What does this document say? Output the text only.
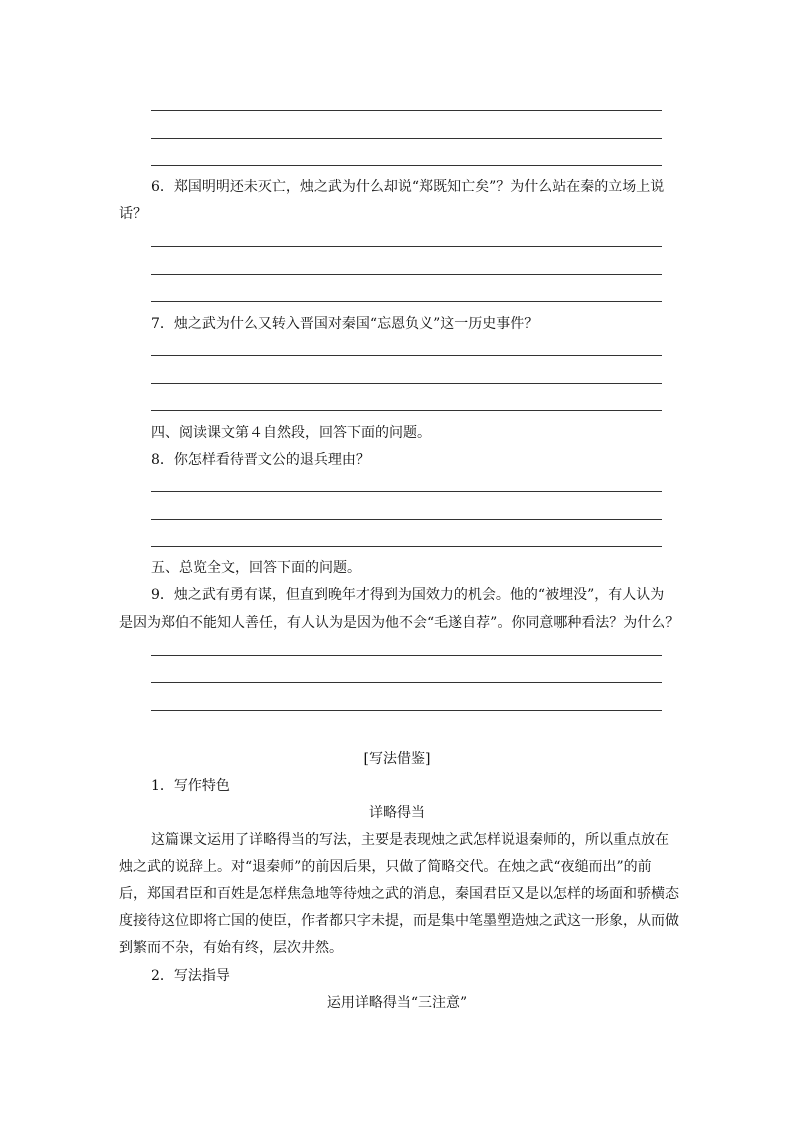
6．郑国明明还未灭亡，烛之武为什么却说“郑既知亡矣”？为什么站在秦的立场上说
话？
7．烛之武为什么又转入晋国对秦国“忘恩负义”这一历史事件？
四、阅读课文第４自然段，回答下面的问题。
8．你怎样看待晋文公的退兵理由？
五、总览全文，回答下面的问题。
9．烛之武有勇有谋，但直到晚年才得到为国效力的机会。他的“被埋没”，有人认为
是因为郑伯不能知人善任，有人认为是因为他不会“毛遂自荐”。你同意哪种看法？为什么？
[写法借鉴]
1．写作特色
详略得当
这篇课文运用了详略得当的写法，主要是表现烛之武怎样说退秦师的，所以重点放在
烛之武的说辞上。对“退秦师”的前因后果，只做了简略交代。在烛之武“夜缒而出”的前
后，郑国君臣和百姓是怎样焦急地等待烛之武的消息，秦国君臣又是以怎样的场面和骄横态
度接待这位即将亡国的使臣，作者都只字未提，而是集中笔墨塑造烛之武这一形象，从而做
到繁而不杂，有始有终，层次井然。
2．写法指导
运用详略得当“三注意”
